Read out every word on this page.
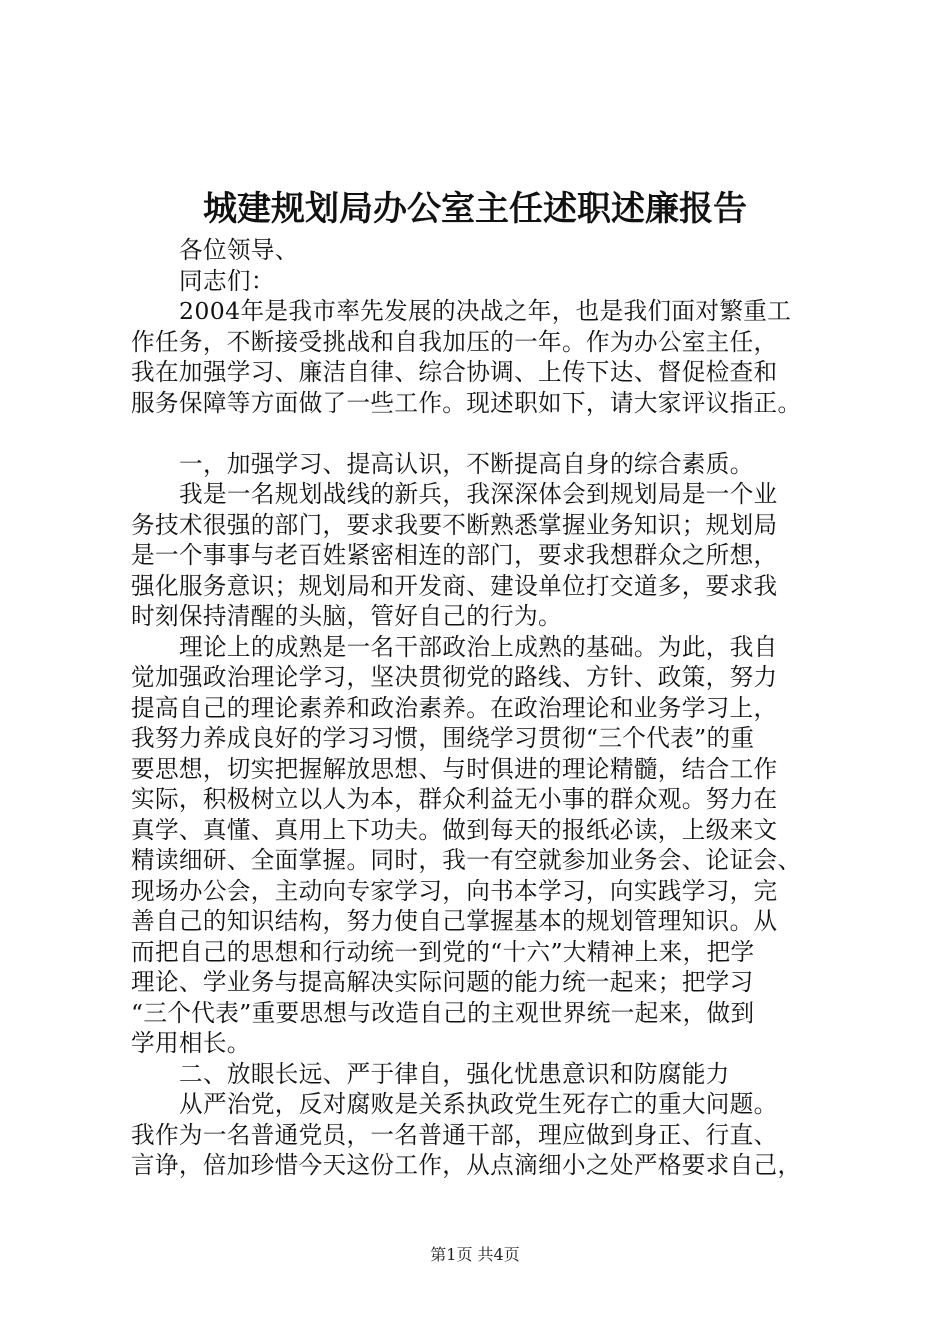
城建规划局办公室主任述职述廉报告
各位领导、
同志们：
2004年是我市率先发展的决战之年，也是我们面对繁重工
作任务，不断接受挑战和自我加压的一年。作为办公室主任，
我在加强学习、廉洁自律、综合协调、上传下达、督促检查和
服务保障等方面做了一些工作。现述职如下，请大家评议指正。
一，加强学习、提高认识，不断提高自身的综合素质。
我是一名规划战线的新兵，我深深体会到规划局是一个业
务技术很强的部门，要求我要不断熟悉掌握业务知识；规划局
是一个事事与老百姓紧密相连的部门，要求我想群众之所想，
强化服务意识；规划局和开发商、建设单位打交道多，要求我
时刻保持清醒的头脑，管好自己的行为。
理论上的成熟是一名干部政治上成熟的基础。为此，我自
觉加强政治理论学习，坚决贯彻党的路线、方针、政策，努力
提高自己的理论素养和政治素养。在政治理论和业务学习上，
我努力养成良好的学习习惯，围绕学习贯彻“三个代表”的重
要思想，切实把握解放思想、与时俱进的理论精髓，结合工作
实际，积极树立以人为本，群众利益无小事的群众观。努力在
真学、真懂、真用上下功夫。做到每天的报纸必读，上级来文
精读细研、全面掌握。同时，我一有空就参加业务会、论证会、
现场办公会，主动向专家学习，向书本学习，向实践学习，完
善自己的知识结构，努力使自己掌握基本的规划管理知识。从
而把自己的思想和行动统一到党的“十六”大精神上来，把学
理论、学业务与提高解决实际问题的能力统一起来；把学习
“三个代表”重要思想与改造自己的主观世界统一起来，做到
学用相长。
二、放眼长远、严于律自，强化忧患意识和防腐能力
从严治党，反对腐败是关系执政党生死存亡的重大问题。
我作为一名普通党员，一名普通干部，理应做到身正、行直、
言诤，倍加珍惜今天这份工作，从点滴细小之处严格要求自己，
第1页 共4页
